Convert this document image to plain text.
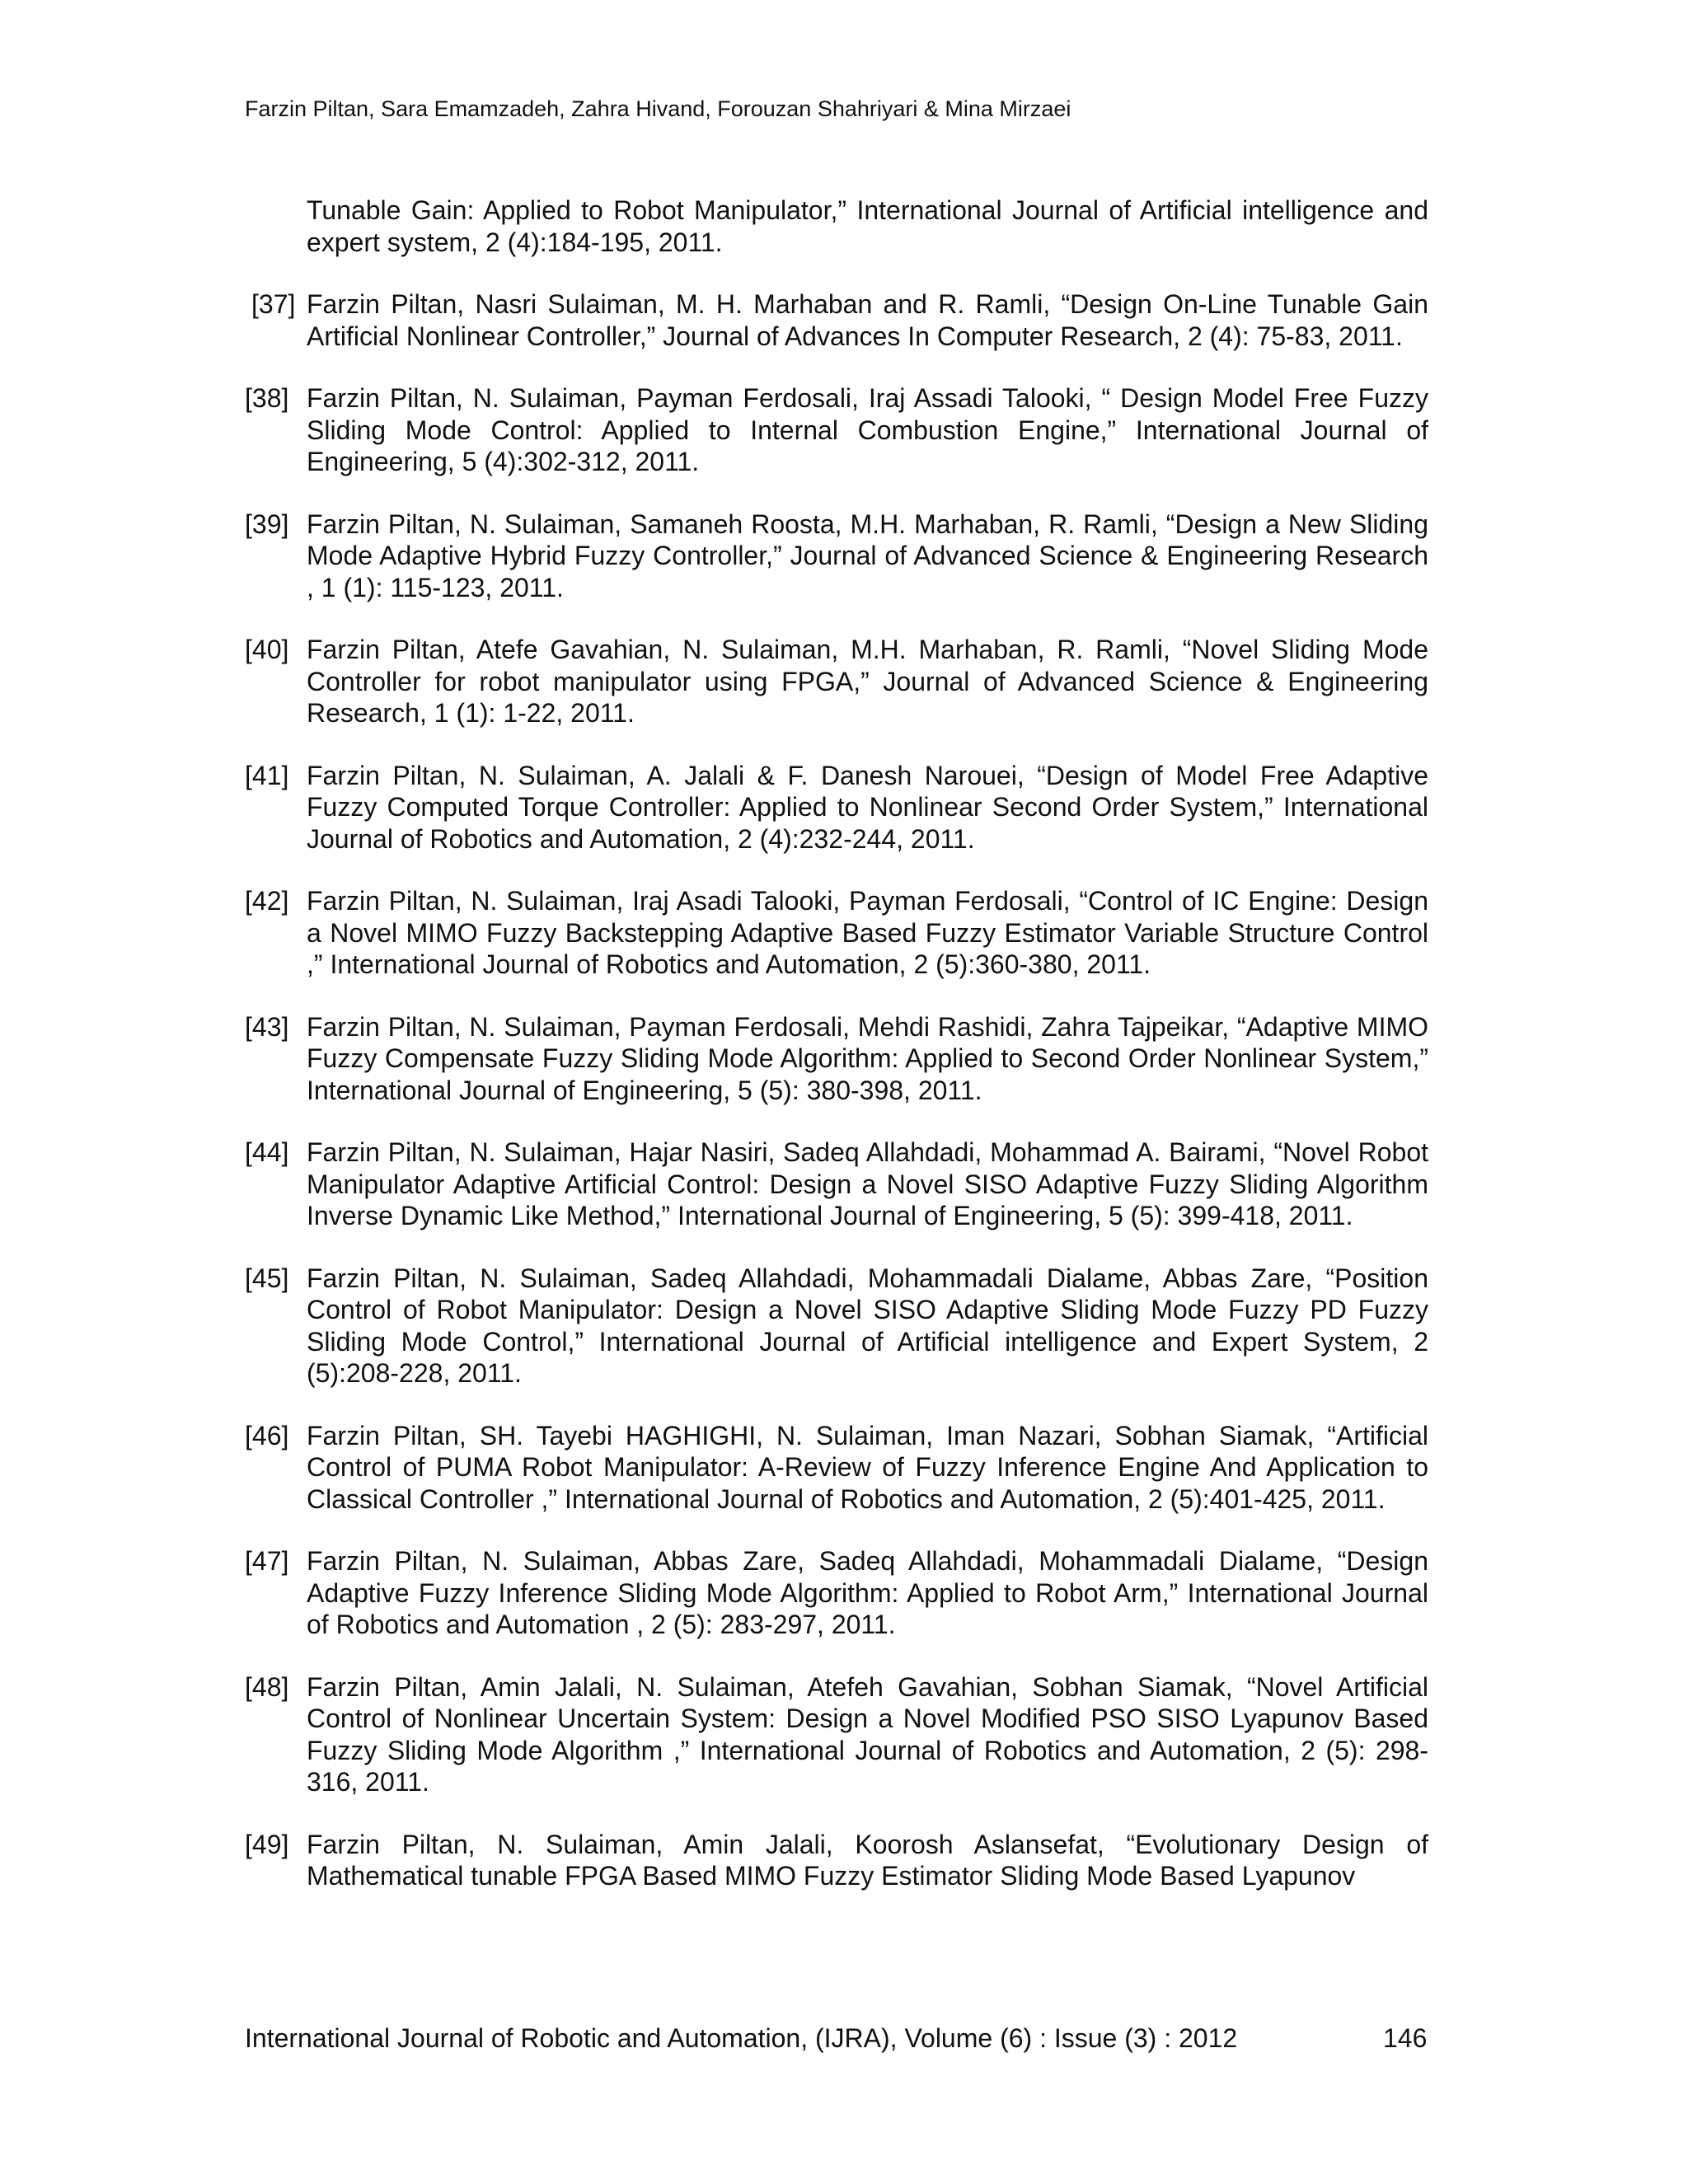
Farzin Piltan, Sara Emamzadeh, Zahra Hivand, Forouzan Shahriyari & Mina Mirzaei
Tunable Gain: Applied to Robot Manipulator,” International Journal of Artificial intelligence and expert system, 2 (4):184-195, 2011.
[37] Farzin Piltan, Nasri Sulaiman, M. H. Marhaban and R. Ramli, “Design On-Line Tunable Gain Artificial Nonlinear Controller,” Journal of Advances In Computer Research, 2 (4): 75-83, 2011.
[38] Farzin Piltan, N. Sulaiman, Payman Ferdosali, Iraj Assadi Talooki, “ Design Model Free Fuzzy Sliding Mode Control: Applied to Internal Combustion Engine,” International Journal of Engineering, 5 (4):302-312, 2011.
[39] Farzin Piltan, N. Sulaiman, Samaneh Roosta, M.H. Marhaban, R. Ramli, “Design a New Sliding Mode Adaptive Hybrid Fuzzy Controller,” Journal of Advanced Science & Engineering Research , 1 (1): 115-123, 2011.
[40] Farzin Piltan, Atefe Gavahian, N. Sulaiman, M.H. Marhaban, R. Ramli, “Novel Sliding Mode Controller for robot manipulator using FPGA,” Journal of Advanced Science & Engineering Research, 1 (1): 1-22, 2011.
[41] Farzin Piltan, N. Sulaiman, A. Jalali & F. Danesh Narouei, “Design of Model Free Adaptive Fuzzy Computed Torque Controller: Applied to Nonlinear Second Order System,” International Journal of Robotics and Automation, 2 (4):232-244, 2011.
[42] Farzin Piltan, N. Sulaiman, Iraj Asadi Talooki, Payman Ferdosali, “Control of IC Engine: Design a Novel MIMO Fuzzy Backstepping Adaptive Based Fuzzy Estimator Variable Structure Control ,” International Journal of Robotics and Automation, 2 (5):360-380, 2011.
[43] Farzin Piltan, N. Sulaiman, Payman Ferdosali, Mehdi Rashidi, Zahra Tajpeikar, “Adaptive MIMO Fuzzy Compensate Fuzzy Sliding Mode Algorithm: Applied to Second Order Nonlinear System,” International Journal of Engineering, 5 (5): 380-398, 2011.
[44] Farzin Piltan, N. Sulaiman, Hajar Nasiri, Sadeq Allahdadi, Mohammad A. Bairami, “Novel Robot Manipulator Adaptive Artificial Control: Design a Novel SISO Adaptive Fuzzy Sliding Algorithm Inverse Dynamic Like Method,” International Journal of Engineering, 5 (5): 399-418, 2011.
[45] Farzin Piltan, N. Sulaiman, Sadeq Allahdadi, Mohammadali Dialame, Abbas Zare, “Position Control of Robot Manipulator: Design a Novel SISO Adaptive Sliding Mode Fuzzy PD Fuzzy Sliding Mode Control,” International Journal of Artificial intelligence and Expert System, 2 (5):208-228, 2011.
[46] Farzin Piltan, SH. Tayebi HAGHIGHI, N. Sulaiman, Iman Nazari, Sobhan Siamak, “Artificial Control of PUMA Robot Manipulator: A-Review of Fuzzy Inference Engine And Application to Classical Controller ,” International Journal of Robotics and Automation, 2 (5):401-425, 2011.
[47] Farzin Piltan, N. Sulaiman, Abbas Zare, Sadeq Allahdadi, Mohammadali Dialame, “Design Adaptive Fuzzy Inference Sliding Mode Algorithm: Applied to Robot Arm,” International Journal of Robotics and Automation , 2 (5): 283-297, 2011.
[48] Farzin Piltan, Amin Jalali, N. Sulaiman, Atefeh Gavahian, Sobhan Siamak, “Novel Artificial Control of Nonlinear Uncertain System: Design a Novel Modified PSO SISO Lyapunov Based Fuzzy Sliding Mode Algorithm ,” International Journal of Robotics and Automation, 2 (5): 298-316, 2011.
[49] Farzin Piltan, N. Sulaiman, Amin Jalali, Koorosh Aslansefat, “Evolutionary Design of Mathematical tunable FPGA Based MIMO Fuzzy Estimator Sliding Mode Based Lyapunov
International Journal of Robotic and Automation, (IJRA), Volume (6) : Issue (3) : 2012	146
